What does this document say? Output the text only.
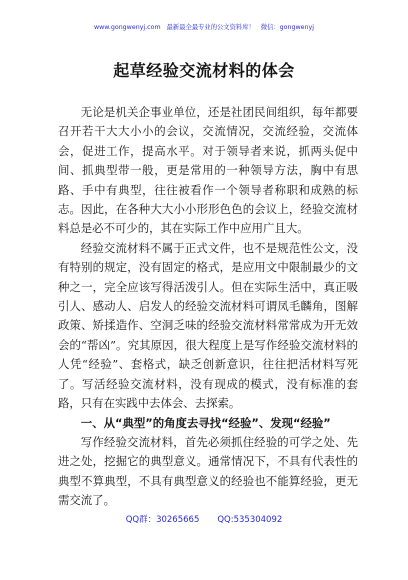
www.gongwenyj.com 最新最全最专业的公文资料库！ 微信：gongwenyj
起草经验交流材料的体会

无论是机关企事业单位，还是社团民间组织，每年都要召开若干大大小小的会议，交流情况，交流经验，交流体会，促进工作，提高水平。对于领导者来说，抓两头促中间、抓典型带一般，更是常用的一种领导方法，胸中有思路、手中有典型，往往被看作一个领导者称职和成熟的标志。因此，在各种大大小小形形色色的会议上，经验交流材料总是必不可少的，其在实际工作中应用广且大。

经验交流材料不属于正式文件，也不是规范性公文，没有特别的规定，没有固定的格式，是应用文中限制最少的文种之一，完全应该写得活泼引人。但在实际生活中，真正吸引人、感动人、启发人的经验交流材料可谓凤毛麟角，图解政策、矫揉造作、空洞乏味的经验交流材料常常成为开无效会的“帮凶”。究其原因，很大程度上是写作经验交流材料的人凭“经验”、套格式，缺乏创新意识，往往把活材料写死了。写活经验交流材料，没有现成的模式，没有标准的套路，只有在实践中去体会、去探索。

一、从“典型”的角度去寻找“经验”、发现“经验”

写作经验交流材料，首先必须抓住经验的可学之处、先进之处，挖掘它的典型意义。通常情况下，不具有代表性的典型不算典型，不具有典型意义的经验也不能算经验，更无需交流了。

QQ群：30265665 QQ:535304092
